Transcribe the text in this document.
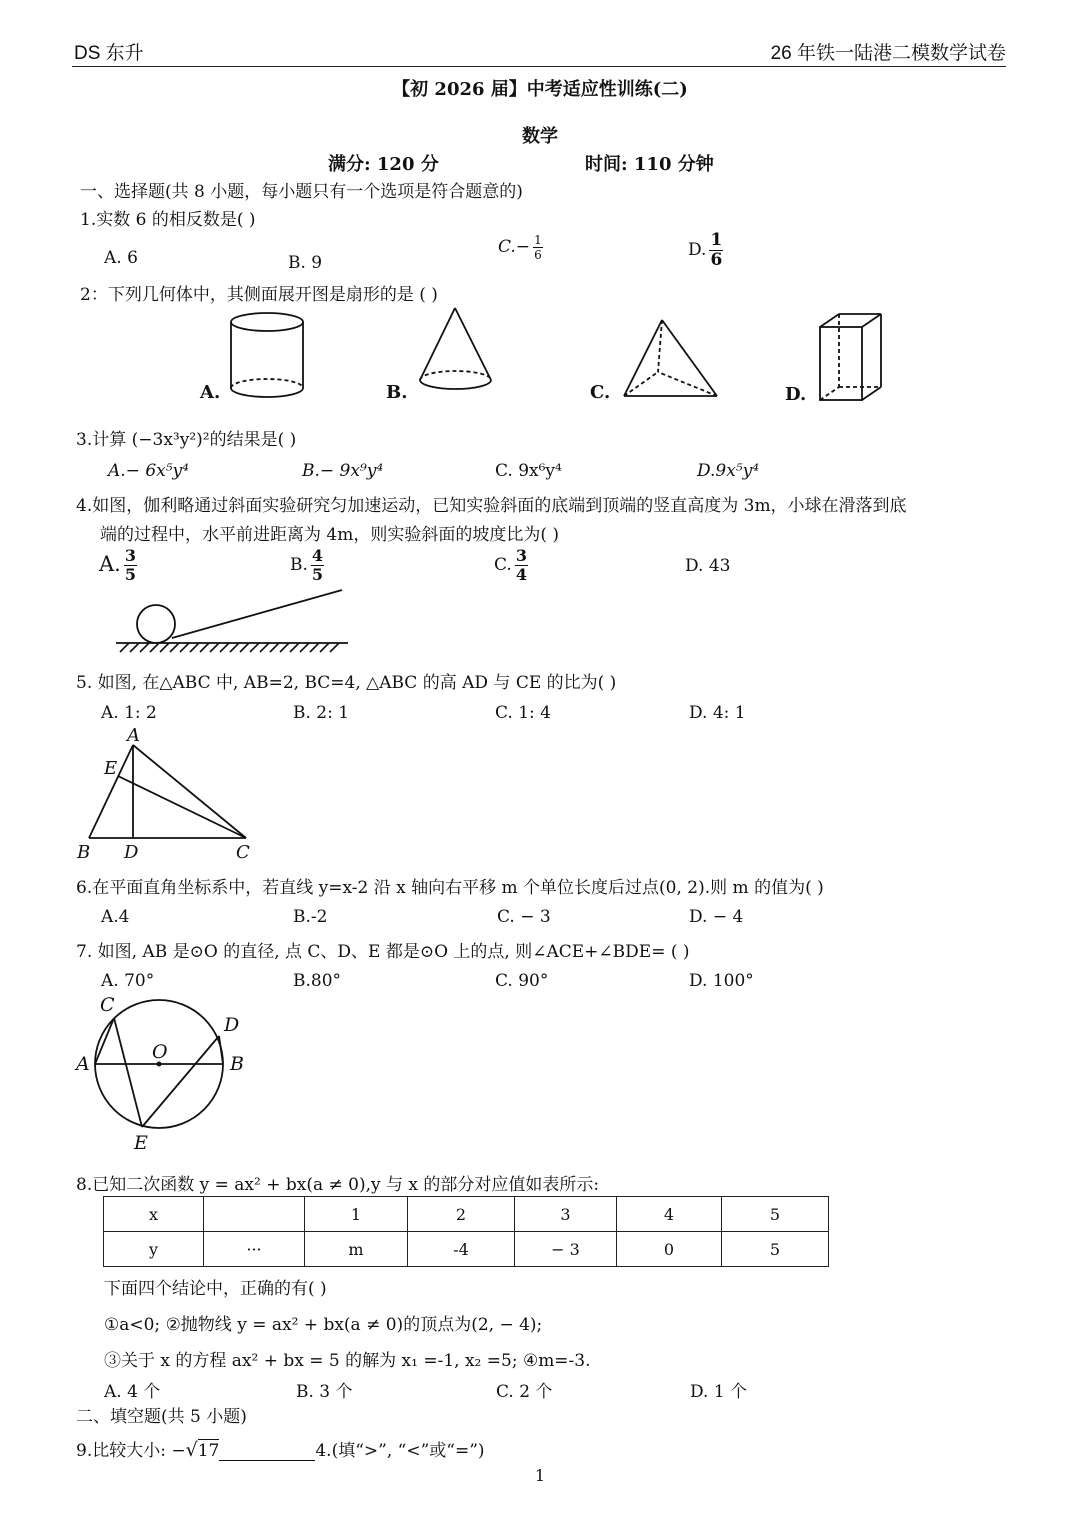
DS 东升	26 年铁一陆港二模数学试卷
【初 2026 届】中考适应性训练(二)
数学
满分: 120 分	时间: 110 分钟
一、选择题(共 8 小题，每小题只有一个选项是符合题意的)
1.实数 6 的相反数是( )
A. 6	B. 9
$C.- \frac{1}{6}$	D. $\frac{1}{6}$
2：下列几何体中，其侧面展开图是扇形的是 ( )
A.	B.	C.	D.
3.计算 (−3x³y²)²的结果是( )
A.− 6x⁵y⁴	B.− 9x⁹y⁴	C. 9x⁶y⁴	D.9x⁵y⁴
4.如图，伽利略通过斜面实验研究匀加速运动，已知实验斜面的底端到顶端的竖直高度为 3m，小球在滑落到底
端的过程中，水平前进距离为 4m，则实验斜面的坡度比为( )
A. $\frac{3}{5}$	B. $\frac{4}{5}$	C. $\frac{3}{4}$	D. 43
5. 如图, 在△ABC 中, AB=2, BC=4, △ABC 的高 AD 与 CE 的比为( )
A. 1: 2	B. 2: 1	C. 1: 4	D. 4: 1
A
E
B D	C
6.在平面直角坐标系中，若直线 y=x-2 沿 x 轴向右平移 m 个单位长度后过点(0, 2).则 m 的值为( )
A.4	B.-2	C. − 3	D. − 4
7. 如图, AB 是⊙O 的直径, 点 C、D、E 都是⊙O 上的点, 则∠ACE+∠BDE= ( )
A. 70°	B.80°	C. 90°	D. 100°
C
D
A
O
B
E
8.已知二次函数 y = ax² + bx(a ≠ 0),y 与 x 的部分对应值如表所示:
x		1	2	3	4	5
y	···	m	-4	− 3	0	5
下面四个结论中，正确的有( )
①a<0; ②抛物线 y = ax² + bx(a ≠ 0)的顶点为(2, − 4);
③关于 x 的方程 ax² + bx = 5 的解为 x₁ =-1, x₂ =5; ④m=-3.
A. 4 个	B. 3 个	C. 2 个	D. 1 个
二、填空题(共 5 小题)
9.比较大小: −√17	4.(填“>”, “<”或“=”)
1
